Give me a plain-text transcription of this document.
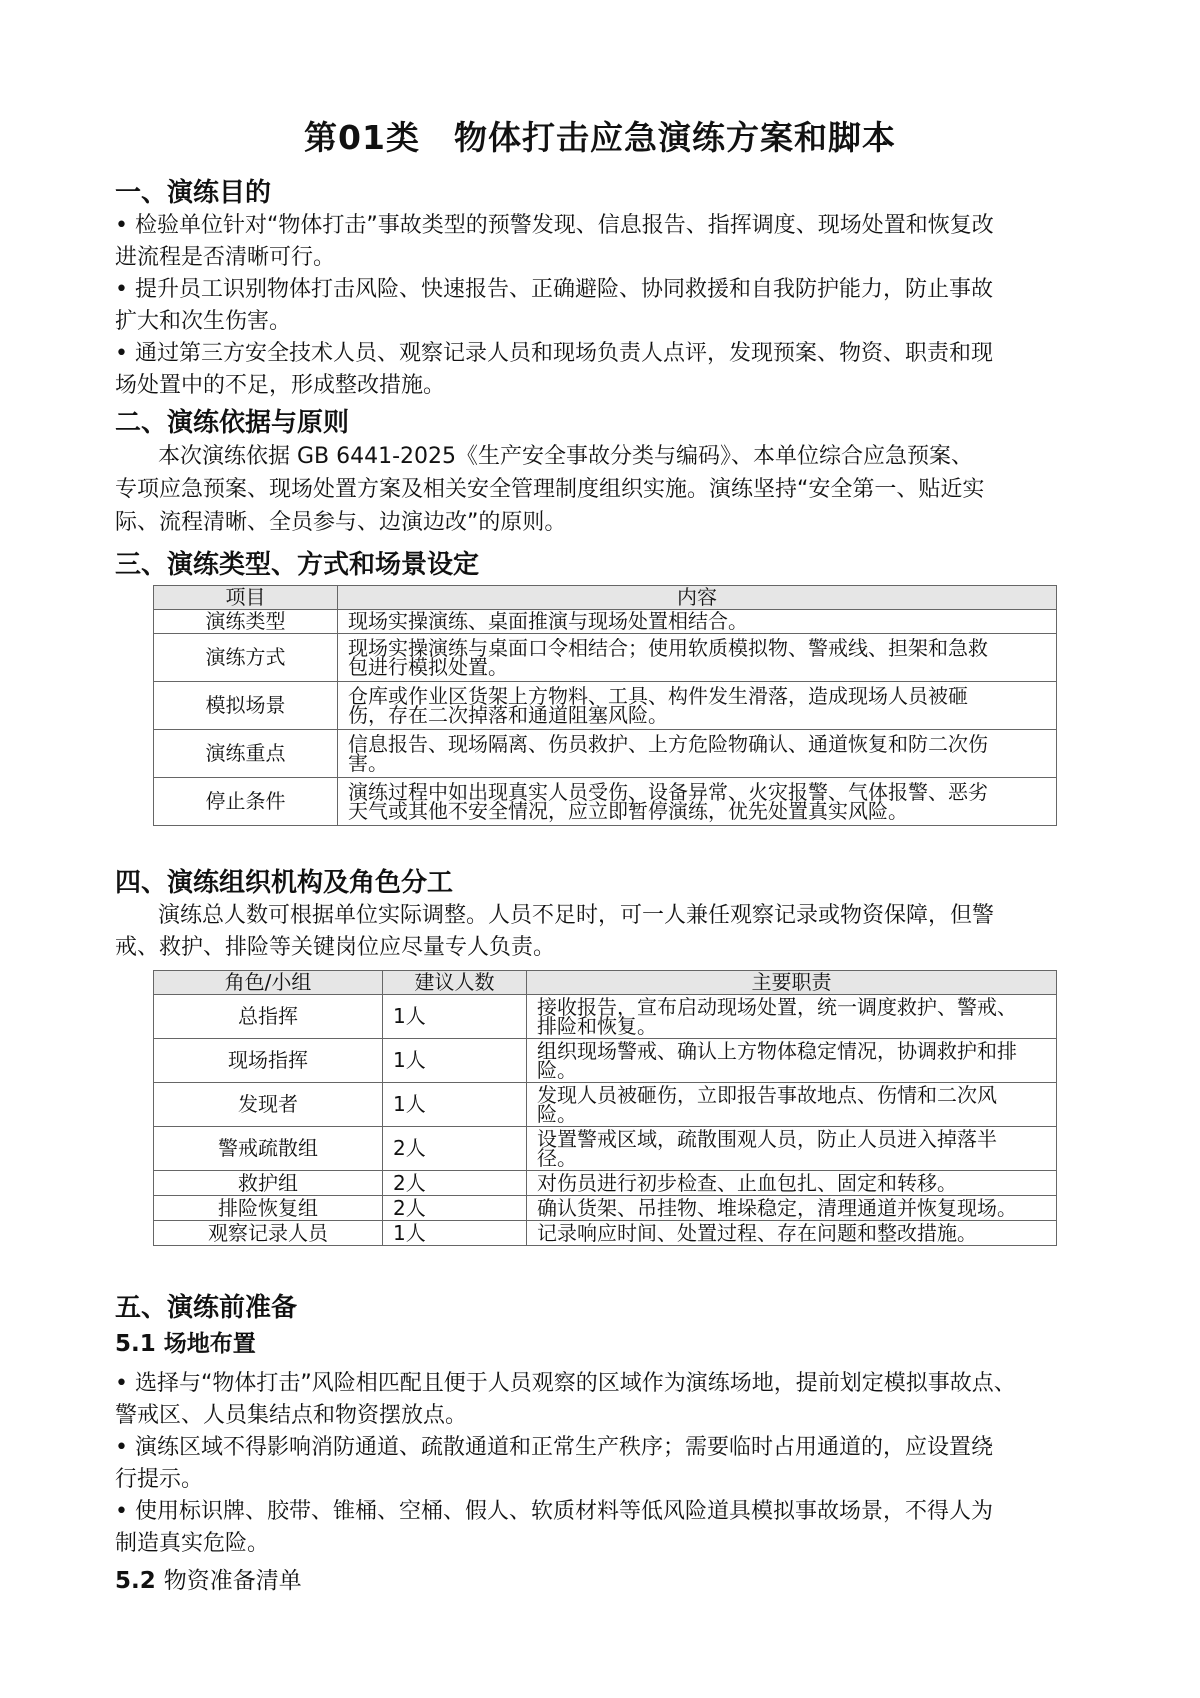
第01类　物体打击应急演练方案和脚本
一、演练目的
• 检验单位针对“物体打击”事故类型的预警发现、信息报告、指挥调度、现场处置和恢复改
进流程是否清晰可行。
• 提升员工识别物体打击风险、快速报告、正确避险、协同救援和自我防护能力，防止事故
扩大和次生伤害。
• 通过第三方安全技术人员、观察记录人员和现场负责人点评，发现预案、物资、职责和现
场处置中的不足，形成整改措施。
二、演练依据与原则
本次演练依据 GB 6441-2025《生产安全事故分类与编码》、本单位综合应急预案、
专项应急预案、现场处置方案及相关安全管理制度组织实施。演练坚持“安全第一、贴近实
际、流程清晰、全员参与、边演边改”的原则。
三、演练类型、方式和场景设定
项目	内容
演练类型	现场实操演练、桌面推演与现场处置相结合。
演练方式	现场实操演练与桌面口令相结合；使用软质模拟物、警戒线、担架和急救
包进行模拟处置。
模拟场景	仓库或作业区货架上方物料、工具、构件发生滑落，造成现场人员被砸
伤，存在二次掉落和通道阻塞风险。
演练重点	信息报告、现场隔离、伤员救护、上方危险物确认、通道恢复和防二次伤
害。
停止条件	演练过程中如出现真实人员受伤、设备异常、火灾报警、气体报警、恶劣
天气或其他不安全情况，应立即暂停演练，优先处置真实风险。
四、演练组织机构及角色分工
演练总人数可根据单位实际调整。人员不足时，可一人兼任观察记录或物资保障，但警
戒、救护、排险等关键岗位应尽量专人负责。
角色/小组	建议人数	主要职责
总指挥	1人	接收报告，宣布启动现场处置，统一调度救护、警戒、
排险和恢复。
现场指挥	1人	组织现场警戒、确认上方物体稳定情况，协调救护和排
险。
发现者	1人	发现人员被砸伤，立即报告事故地点、伤情和二次风
险。
警戒疏散组	2人	设置警戒区域，疏散围观人员，防止人员进入掉落半
径。
救护组	2人	对伤员进行初步检查、止血包扎、固定和转移。
排险恢复组	2人	确认货架、吊挂物、堆垛稳定，清理通道并恢复现场。
观察记录人员	1人	记录响应时间、处置过程、存在问题和整改措施。
五、演练前准备
5.1 场地布置
• 选择与“物体打击”风险相匹配且便于人员观察的区域作为演练场地，提前划定模拟事故点、
警戒区、人员集结点和物资摆放点。
• 演练区域不得影响消防通道、疏散通道和正常生产秩序；需要临时占用通道的，应设置绕
行提示。
• 使用标识牌、胶带、锥桶、空桶、假人、软质材料等低风险道具模拟事故场景，不得人为
制造真实危险。
5.2 物资准备清单
